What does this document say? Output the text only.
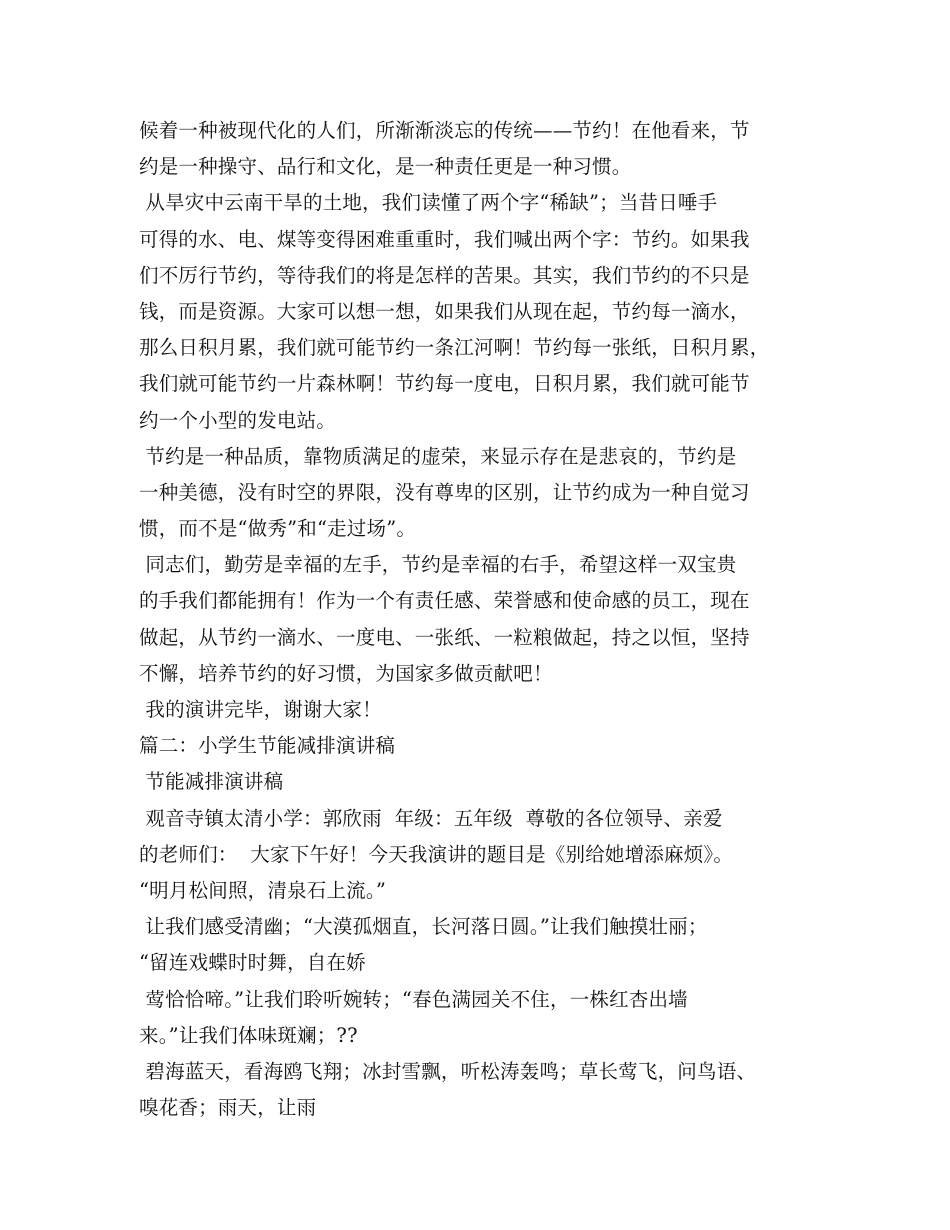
候着一种被现代化的人们，所渐渐淡忘的传统——节约！在他看来，节
约是一种操守、品行和文化，是一种责任更是一种习惯。
从旱灾中云南干旱的土地，我们读懂了两个字“稀缺”；当昔日唾手
可得的水、电、煤等变得困难重重时，我们喊出两个字：节约。如果我
们不厉行节约，等待我们的将是怎样的苦果。其实，我们节约的不只是
钱，而是资源。大家可以想一想，如果我们从现在起，节约每一滴水，
那么日积月累，我们就可能节约一条江河啊！节约每一张纸，日积月累，
我们就可能节约一片森林啊！节约每一度电，日积月累，我们就可能节
约一个小型的发电站。
节约是一种品质，靠物质满足的虚荣，来显示存在是悲哀的，节约是
一种美德，没有时空的界限，没有尊卑的区别，让节约成为一种自觉习
惯，而不是“做秀”和“走过场”。
同志们，勤劳是幸福的左手，节约是幸福的右手，希望这样一双宝贵
的手我们都能拥有！作为一个有责任感、荣誉感和使命感的员工，现在
做起，从节约一滴水、一度电、一张纸、一粒粮做起，持之以恒，坚持
不懈，培养节约的好习惯，为国家多做贡献吧！
我的演讲完毕，谢谢大家！
篇二：小学生节能减排演讲稿
节能减排演讲稿
观音寺镇太清小学：郭欣雨  年级：五年级  尊敬的各位领导、亲爱
的老师们：  大家下午好！今天我演讲的题目是《别给她增添麻烦》。
“明月松间照，清泉石上流。”
让我们感受清幽；“大漠孤烟直，长河落日圆。”让我们触摸壮丽；
“留连戏蝶时时舞，自在娇
莺恰恰啼。”让我们聆听婉转；“春色满园关不住，一株红杏出墙
来。”让我们体味斑斓；??
碧海蓝天，看海鸥飞翔；冰封雪飘，听松涛轰鸣；草长莺飞，问鸟语、
嗅花香；雨天，让雨
